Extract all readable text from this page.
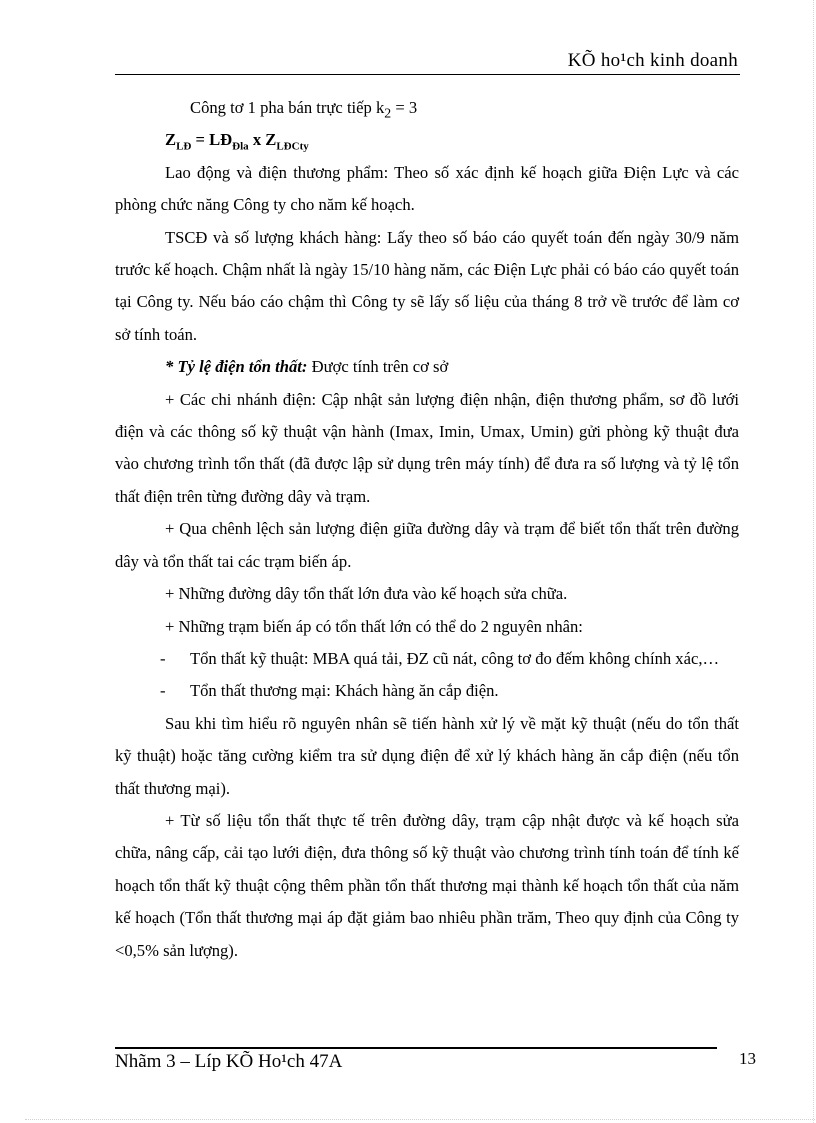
KÕ ho¹ch kinh doanh

Công tơ 1 pha bán trực tiếp $k_2 = 3$

$Z_{LĐ}$ = $LĐ_{Đla}$ x $Z_{LĐCty}$

Lao động và điện thương phẩm: Theo số xác định kế hoạch giữa Điện Lực và các phòng chức năng Công ty cho năm kế hoạch.

TSCĐ và số lượng khách hàng: Lấy theo số báo cáo quyết toán đến ngày 30/9 năm trước kế hoạch. Chậm nhất là ngày 15/10 hàng năm, các Điện Lực phải có báo cáo quyết toán tại Công ty. Nếu báo cáo chậm thì Công ty sẽ lấy số liệu của tháng 8 trở về trước để làm cơ sở tính toán.

* Tỷ lệ điện tổn thất: Được tính trên cơ sở

+ Các chi nhánh điện: Cập nhật sản lượng điện nhận, điện thương phẩm, sơ đồ lưới điện và các thông số kỹ thuật vận hành (Imax, Imin, Umax, Umin) gửi phòng kỹ thuật đưa vào chương trình tổn thất (đã được lập sử dụng trên máy tính) để đưa ra số lượng và tỷ lệ tổn thất điện trên từng đường dây và trạm.

+ Qua chênh lệch sản lượng điện giữa đường dây và trạm để biết tổn thất trên đường dây và tổn thất tai các trạm biến áp.

+ Những đường dây tổn thất lớn đưa vào kế hoạch sửa chữa.

+ Những trạm biến áp có tổn thất lớn có thể do 2 nguyên nhân:

- Tổn thất kỹ thuật: MBA quá tải, ĐZ cũ nát, công tơ đo đếm không chính xác,…

- Tổn thất thương mại: Khách hàng ăn cắp điện.

Sau khi tìm hiểu rõ nguyên nhân sẽ tiến hành xử lý về mặt kỹ thuật (nếu do tổn thất kỹ thuật) hoặc tăng cường kiểm tra sử dụng điện để xử lý khách hàng ăn cắp điện (nếu tổn thất thương mại).

+ Từ số liệu tổn thất thực tế trên đường dây, trạm cập nhật được và kế hoạch sửa chữa, nâng cấp, cải tạo lưới điện, đưa thông số kỹ thuật vào chương trình tính toán để tính kế hoạch tổn thất kỹ thuật cộng thêm phần tổn thất thương mại thành kế hoạch tổn thất của năm kế hoạch (Tổn thất thương mại áp đặt giảm bao nhiêu phần trăm, Theo quy định của Công ty <0,5% sản lượng).

Nhãm 3 – Líp KÕ Ho¹ch 47A	13
